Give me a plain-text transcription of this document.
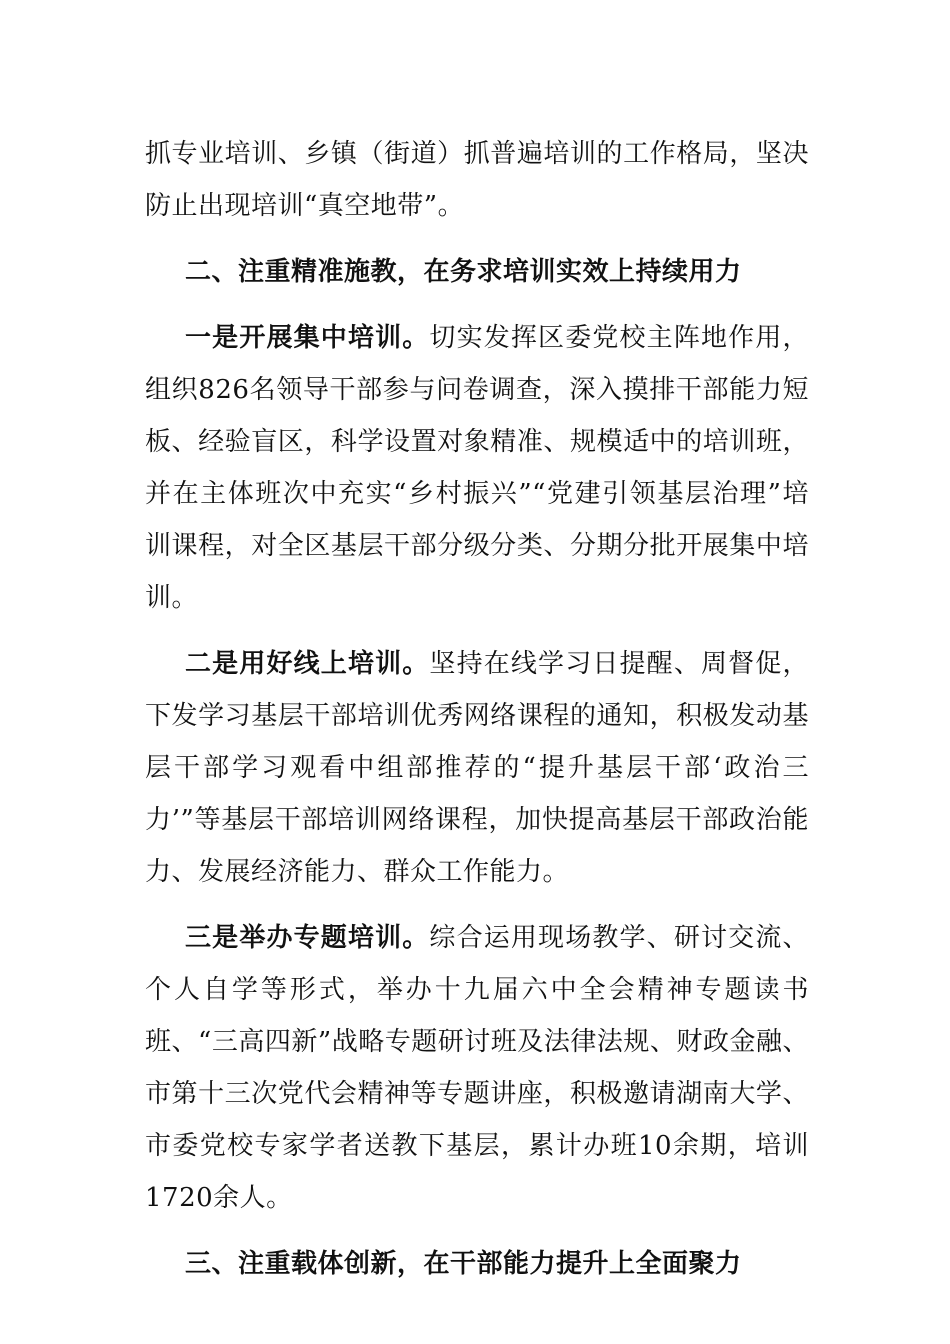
抓专业培训、乡镇（街道）抓普遍培训的工作格局，坚决防止出现培训“真空地带”。

二、注重精准施教，在务求培训实效上持续用力

一是开展集中培训。切实发挥区委党校主阵地作用，组织826名领导干部参与问卷调查，深入摸排干部能力短板、经验盲区，科学设置对象精准、规模适中的培训班，并在主体班次中充实“乡村振兴”“党建引领基层治理”培训课程，对全区基层干部分级分类、分期分批开展集中培训。

二是用好线上培训。坚持在线学习日提醒、周督促，下发学习基层干部培训优秀网络课程的通知，积极发动基层干部学习观看中组部推荐的“提升基层干部‘政治三力’”等基层干部培训网络课程，加快提高基层干部政治能力、发展经济能力、群众工作能力。

三是举办专题培训。综合运用现场教学、研讨交流、个人自学等形式，举办十九届六中全会精神专题读书班、“三高四新”战略专题研讨班及法律法规、财政金融、市第十三次党代会精神等专题讲座，积极邀请湖南大学、市委党校专家学者送教下基层，累计办班10余期，培训1720余人。

三、注重载体创新，在干部能力提升上全面聚力
